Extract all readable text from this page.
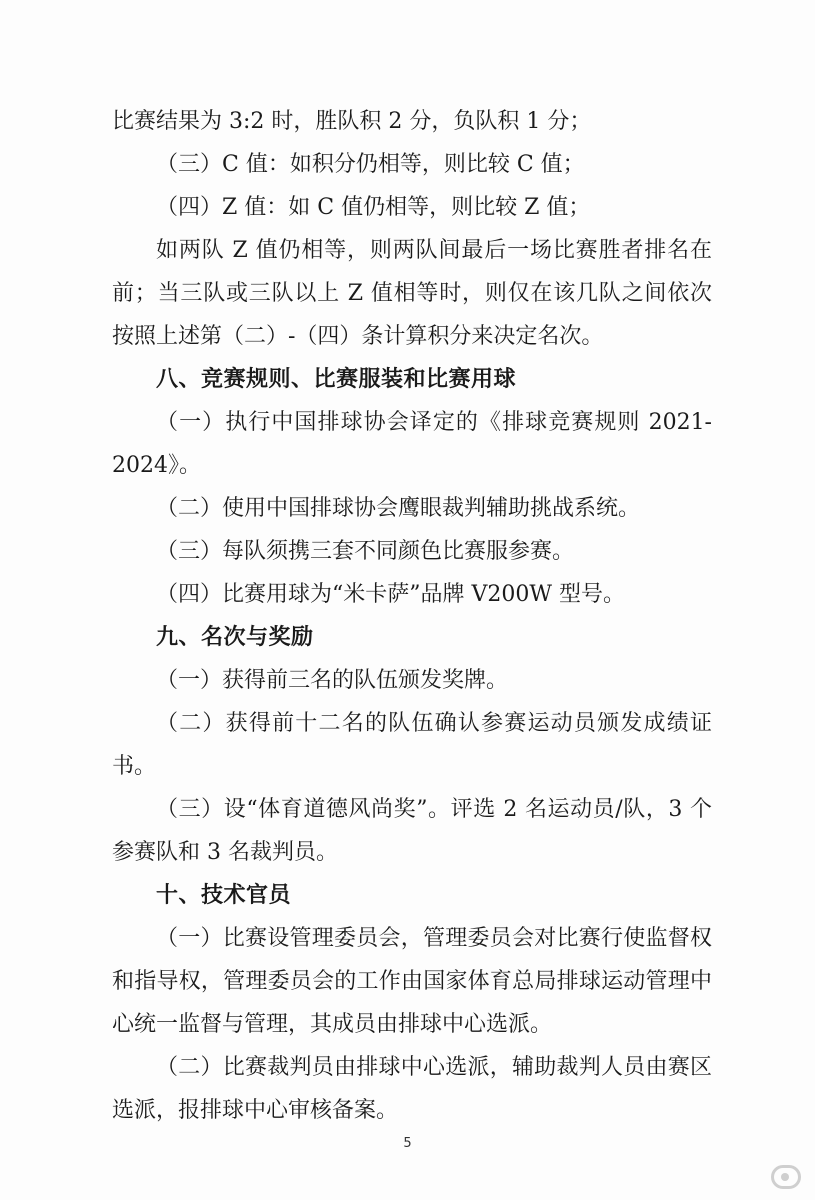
比赛结果为 3:2 时，胜队积 2 分，负队积 1 分；

（三）C 值：如积分仍相等，则比较 C 值；

（四）Z 值：如 C 值仍相等，则比较 Z 值；

如两队 Z 值仍相等，则两队间最后一场比赛胜者排名在前；当三队或三队以上 Z 值相等时，则仅在该几队之间依次按照上述第（二）-（四）条计算积分来决定名次。

八、竞赛规则、比赛服装和比赛用球

（一）执行中国排球协会译定的《排球竞赛规则 2021-2024》。

（二）使用中国排球协会鹰眼裁判辅助挑战系统。

（三）每队须携三套不同颜色比赛服参赛。

（四）比赛用球为“米卡萨”品牌 V200W 型号。

九、名次与奖励

（一）获得前三名的队伍颁发奖牌。

（二）获得前十二名的队伍确认参赛运动员颁发成绩证书。

（三）设“体育道德风尚奖”。评选 2 名运动员/队，3 个参赛队和 3 名裁判员。

十、技术官员

（一）比赛设管理委员会，管理委员会对比赛行使监督权和指导权，管理委员会的工作由国家体育总局排球运动管理中心统一监督与管理，其成员由排球中心选派。

（二）比赛裁判员由排球中心选派，辅助裁判人员由赛区选派，报排球中心审核备案。

5
